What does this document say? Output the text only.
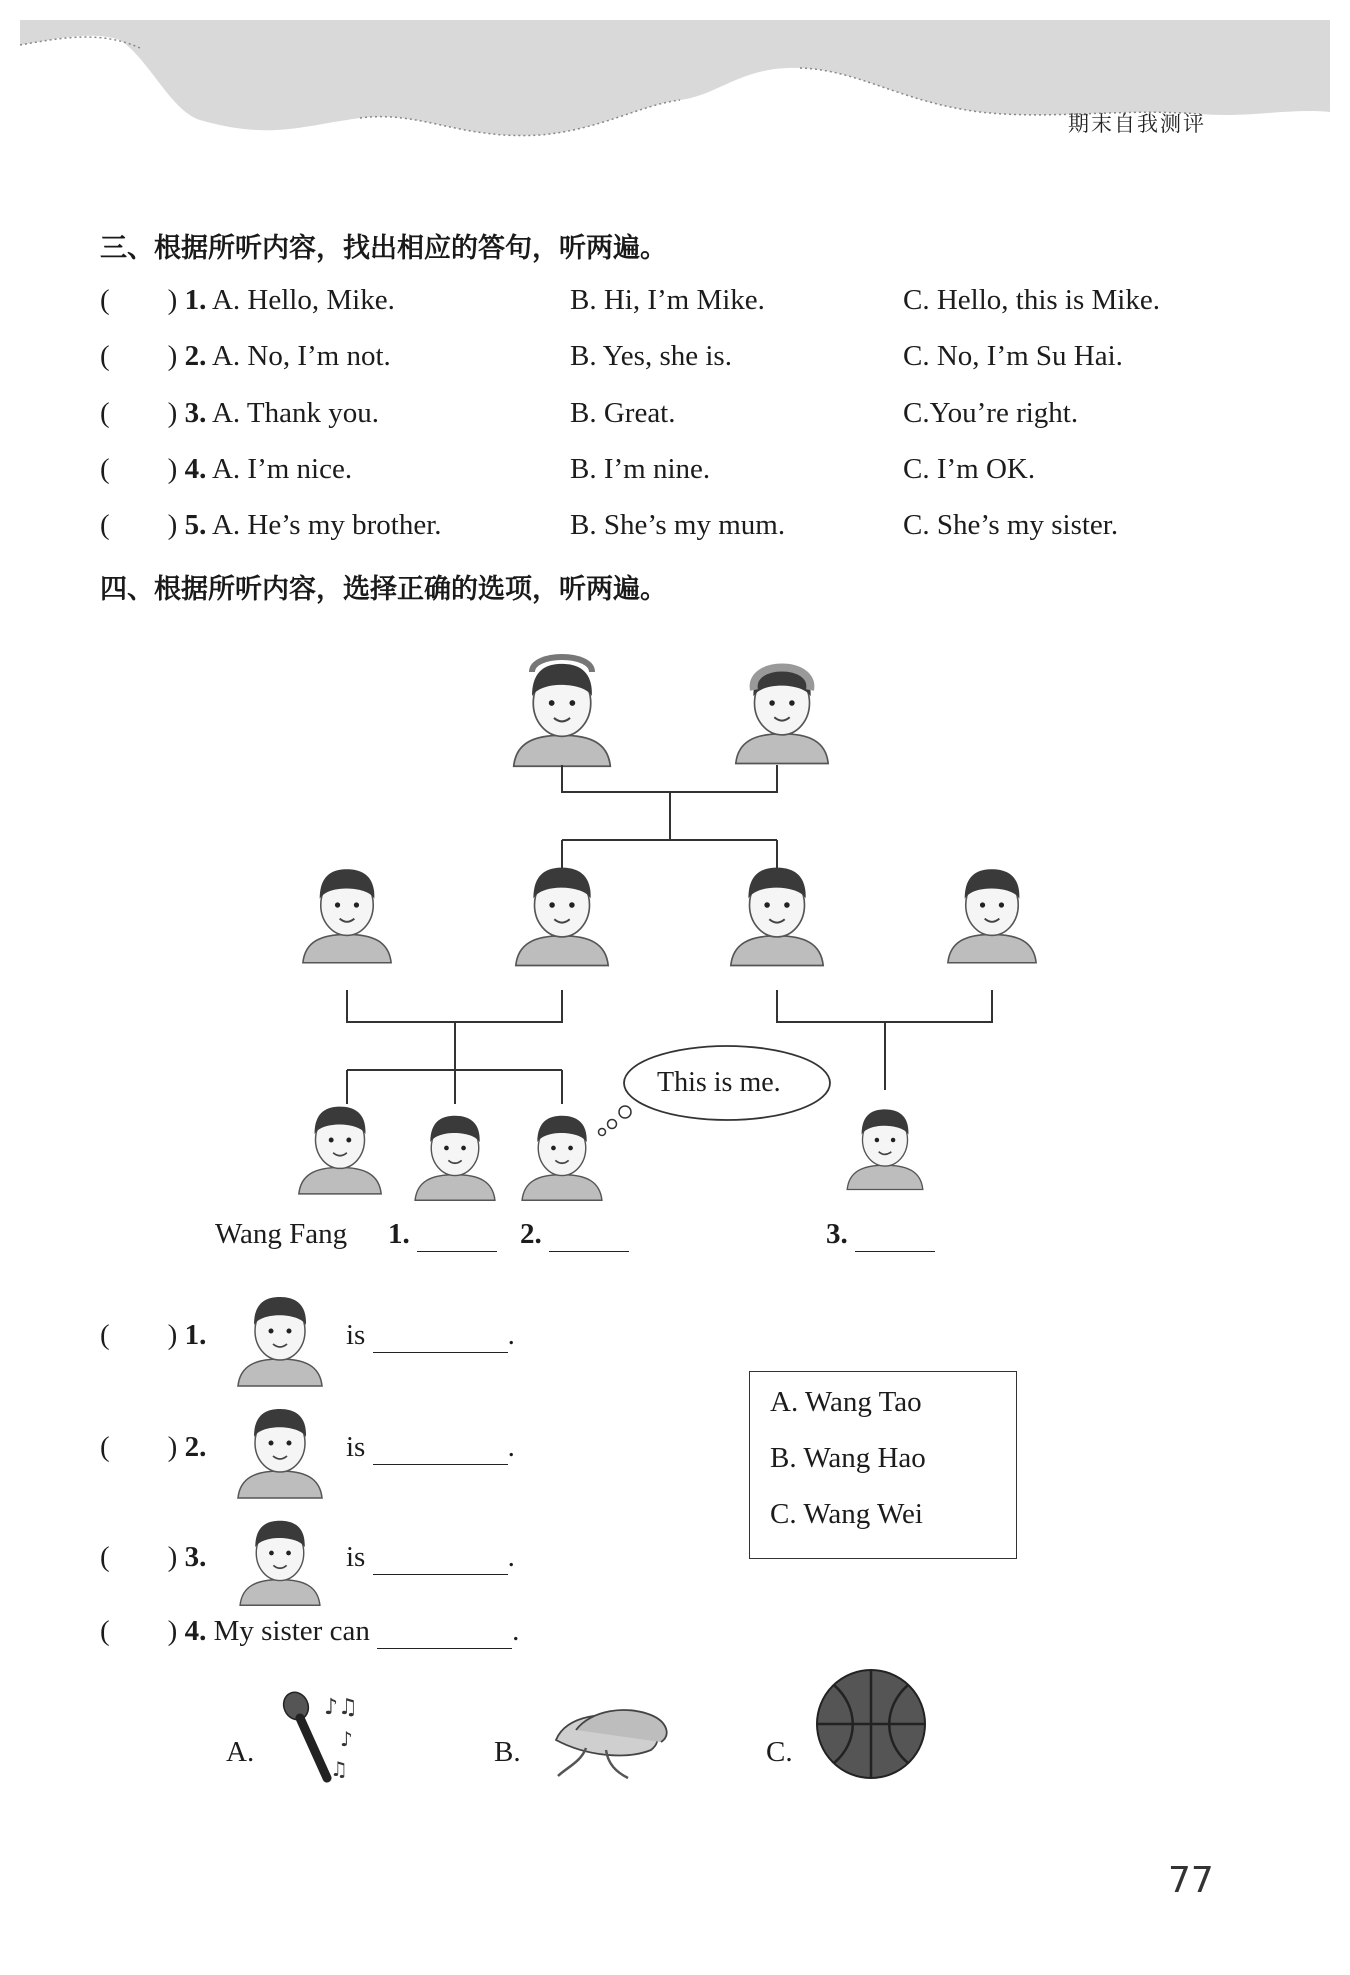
期末自我测评
三、根据所听内容，找出相应的答句，听两遍。
(        ) 1. A. Hello, Mike.	B. Hi, I’m Mike.	C. Hello, this is Mike.
(        ) 2. A. No, I’m not.	B. Yes, she is.	C. No, I’m Su Hai.
(        ) 3. A. Thank you.	B. Great.	C.You’re right.
(        ) 4. A. I’m nice.	B. I’m nine.	C. I’m OK.
(        ) 5. A. He’s my brother.	B. She’s my mum.	C. She’s my sister.
四、根据所听内容，选择正确的选项，听两遍。
This is me.
Wang Fang 1.	2.	3.
(        ) 1.	is	.
(        ) 2.	is	.
(        ) 3.	is	.
A. Wang Tao
B. Wang Hao
C. Wang Wei
(        ) 4. My sister can	.
A.
♪♫
♪
♫
B.	C.
77
